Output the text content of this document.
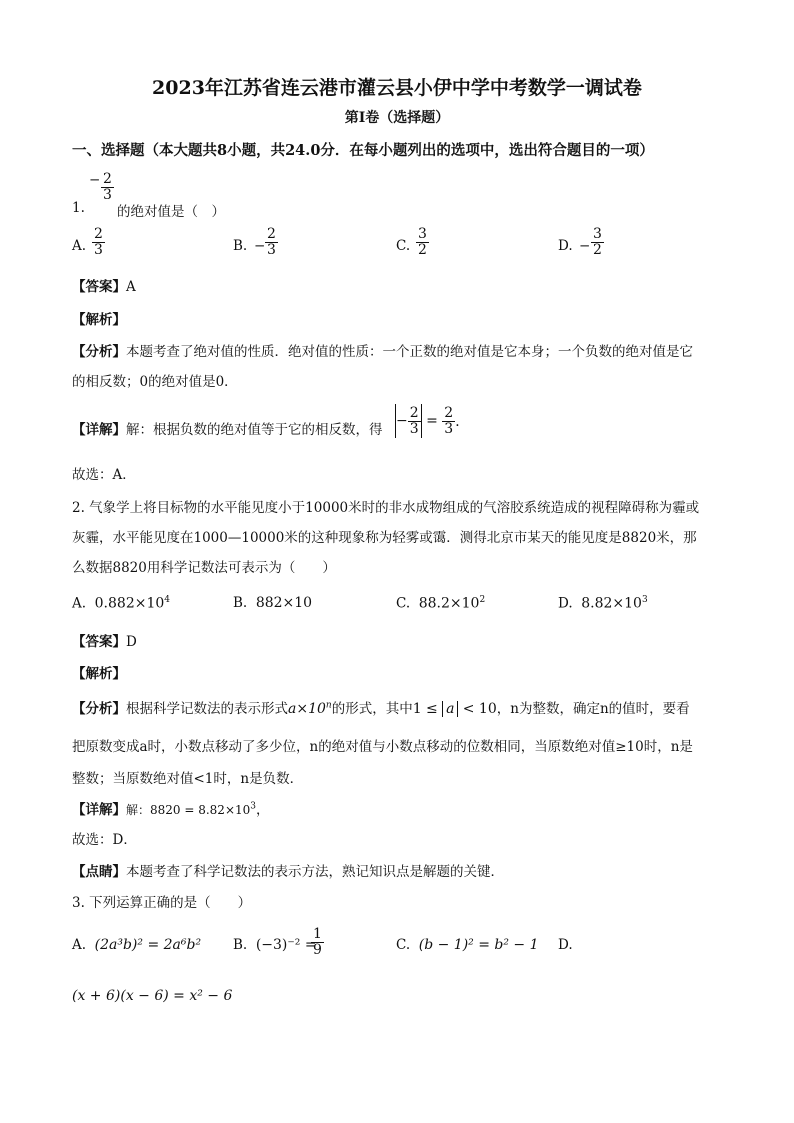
2023年江苏省连云港市灌云县小伊中学中考数学一调试卷
第I卷（选择题）
一、选择题（本大题共8小题，共24.0分．在每小题列出的选项中，选出符合题目的一项）
− $\frac{2}{3}$
1. 的绝对值是（　）
A. $\frac{2}{3}$	B. − $\frac{2}{3}$	C. $\frac{3}{2}$	D. − $\frac{3}{2}$
【答案】A
【解析】
【分析】本题考查了绝对值的性质．绝对值的性质：一个正数的绝对值是它本身；一个负数的绝对值是它
的相反数；0的绝对值是0．
【详解】解：根据负数的绝对值等于它的相反数，得
− $\frac{2}{3} = \frac{2}{3}$ ．
故选：A．
2. 气象学上将目标物的水平能见度小于10000米时的非水成物组成的气溶胶系统造成的视程障碍称为霾或
灰霾，水平能见度在1000—10000米的这种现象称为轻雾或霭．测得北京市某天的能见度是8820米，那
么数据8820用科学记数法可表示为（　　）
A. $0.882\times 10^4$	B. 882×10	C. $88.2\times 10^2$	D. $8.82\times 10^3$
【答案】D
【解析】
【分析】根据科学记数法的表示形式$a\times 10^n$的形式，其中1 ≤ a < 10，n为整数，确定n的值时，要看
把原数变成a时，小数点移动了多少位，n的绝对值与小数点移动的位数相同，当原数绝对值≥10时，n是
整数；当原数绝对值<1时，n是负数．
【详解】解：$8820 = 8.82\times 10^3$，
故选：D．
【点睛】本题考查了科学记数法的表示方法，熟记知识点是解题的关键．
3. 下列运算正确的是（　　）
A. (2a³b)² = 2a⁶b² B. (−3)⁻² =
$\frac{1}{9}$	C. (b − 1)² = b² − 1 D.
(x + 6)(x − 6) = x² − 6
